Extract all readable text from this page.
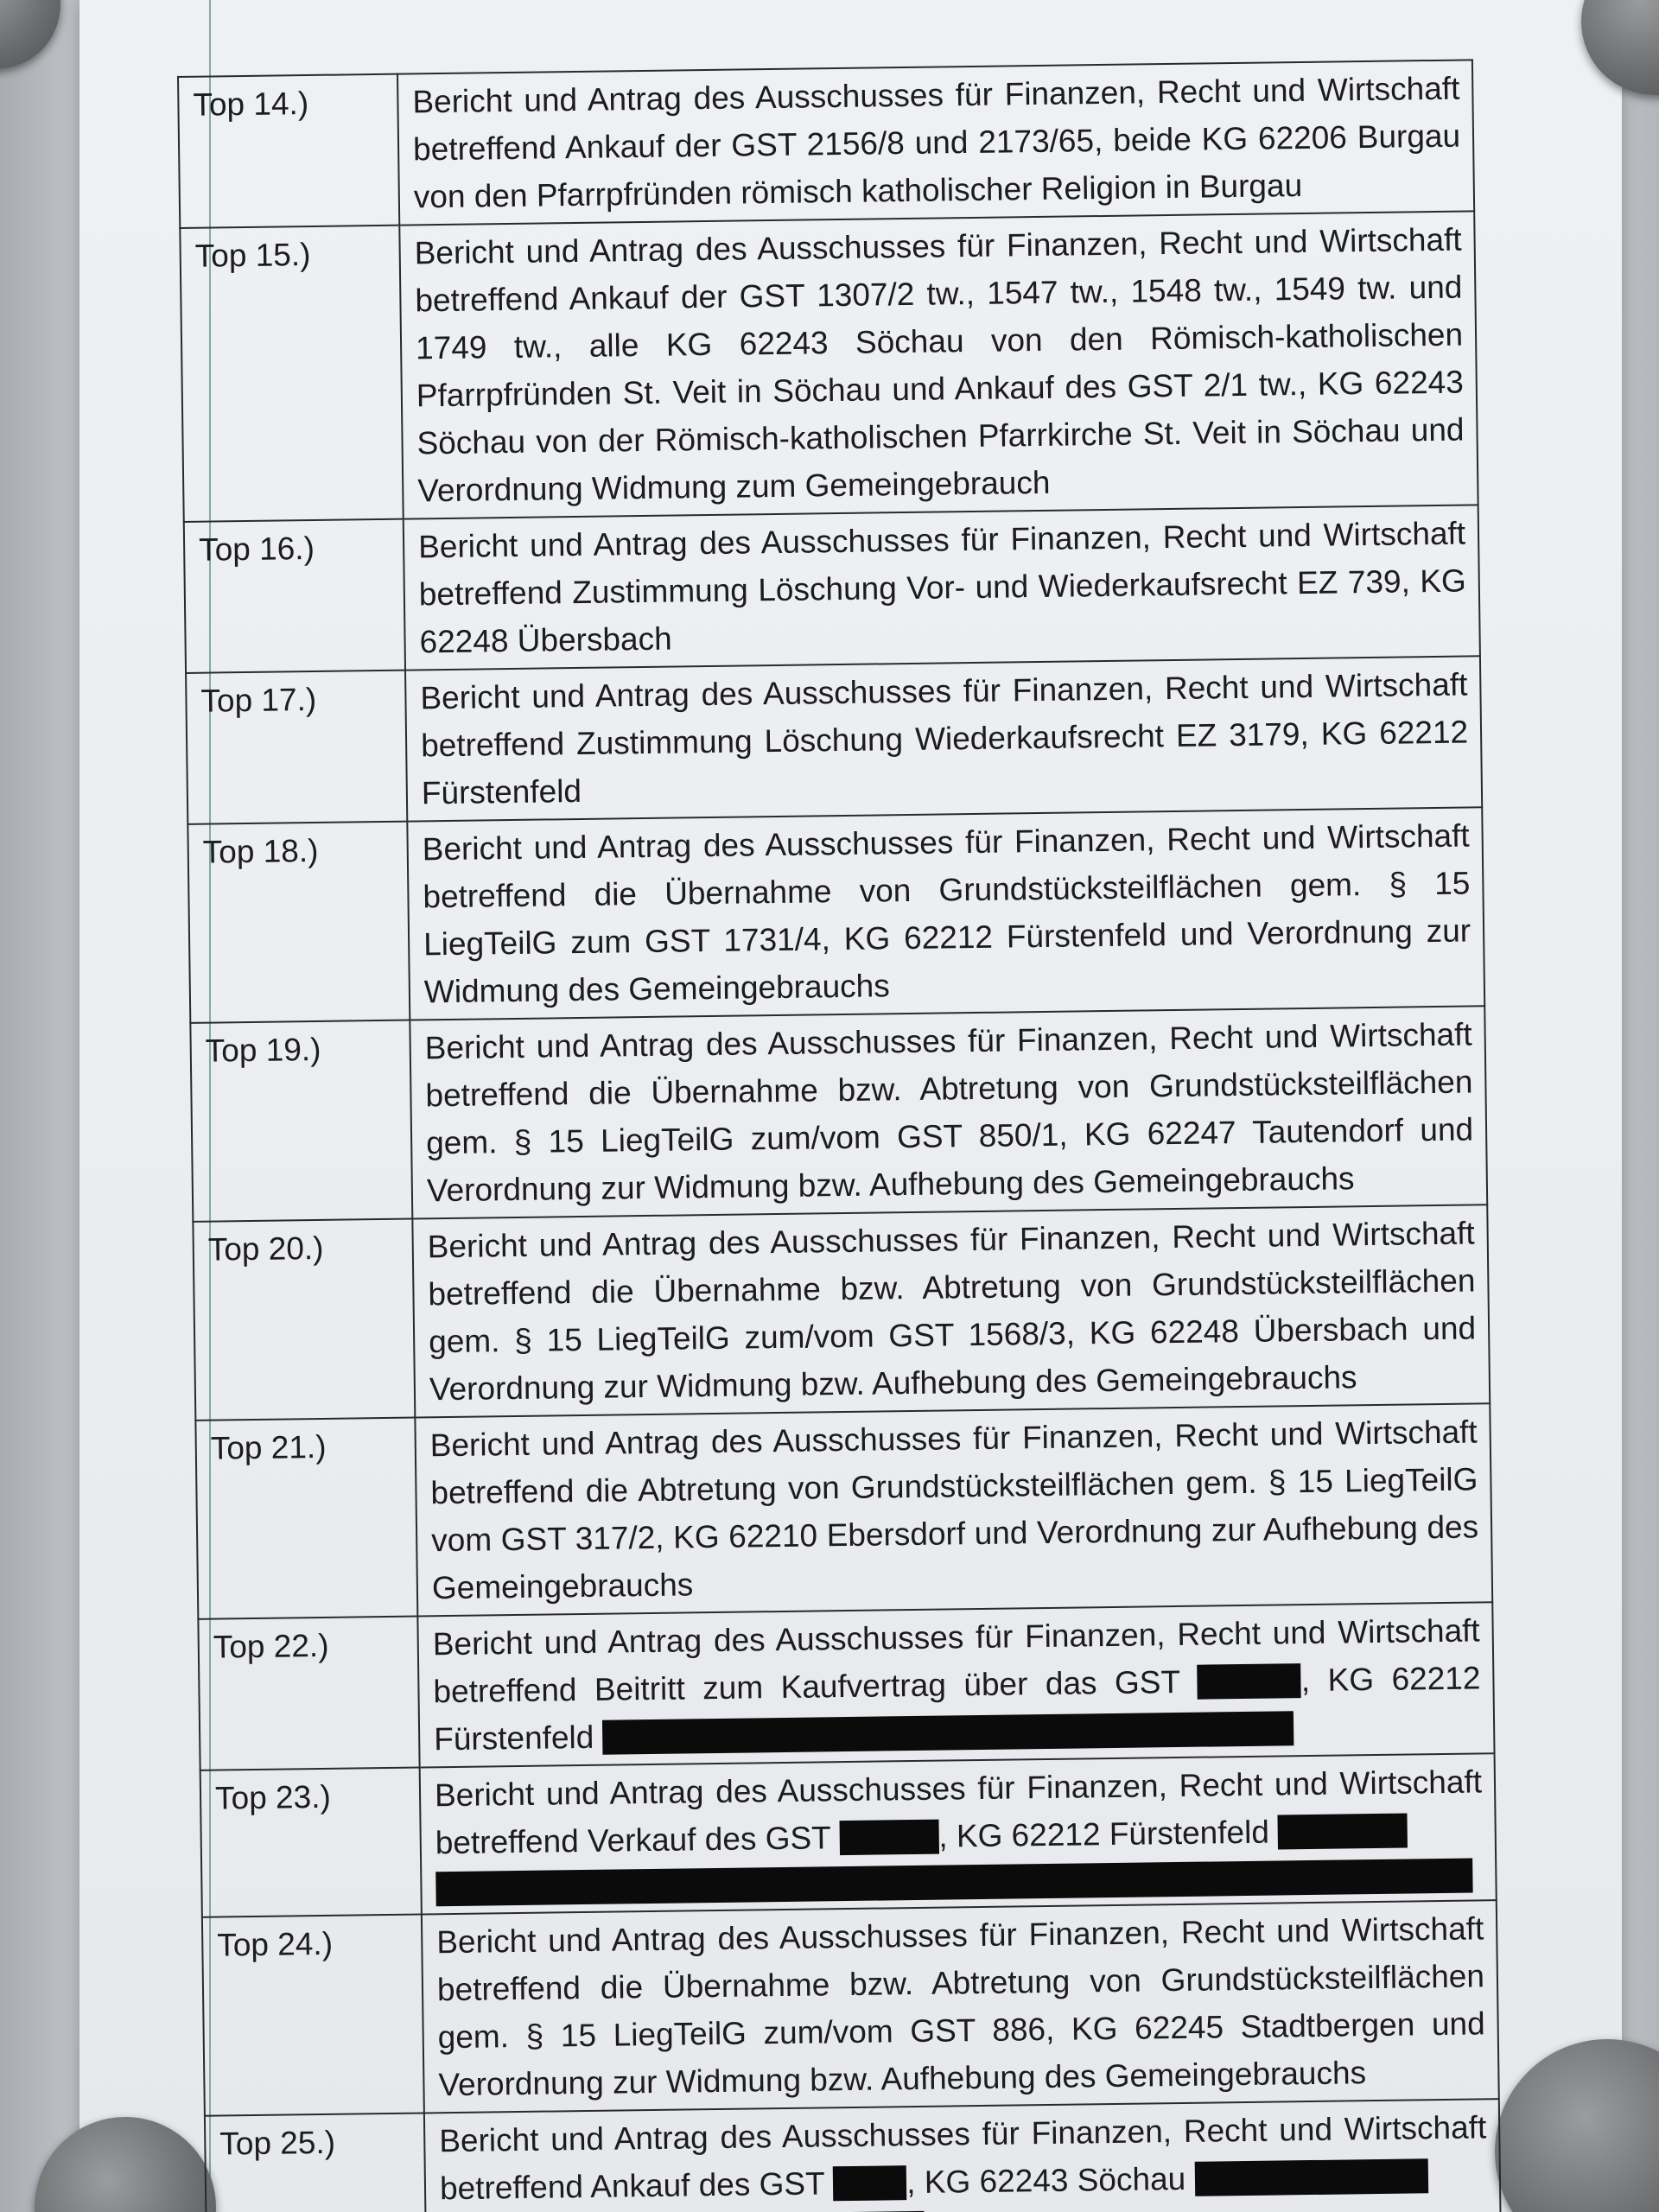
Top 14.)	Bericht und Antrag des Ausschusses für Finanzen, Recht und Wirtschaft betreffend Ankauf der GST 2156/8 und 2173/65, beide KG 62206 Burgau von den Pfarrpfründen römisch katholischer Religion in Burgau
Top 15.)	Bericht und Antrag des Ausschusses für Finanzen, Recht und Wirtschaft betreffend Ankauf der GST 1307/2 tw., 1547 tw., 1548 tw., 1549 tw. und 1749 tw., alle KG 62243 Söchau von den Römisch-katholischen Pfarrpfründen St. Veit in Söchau und Ankauf des GST 2/1 tw., KG 62243 Söchau von der Römisch-katholischen Pfarrkirche St. Veit in Söchau und Verordnung Widmung zum Gemeingebrauch
Top 16.)	Bericht und Antrag des Ausschusses für Finanzen, Recht und Wirtschaft betreffend Zustimmung Löschung Vor- und Wiederkaufsrecht EZ 739, KG 62248 Übersbach
Top 17.)	Bericht und Antrag des Ausschusses für Finanzen, Recht und Wirtschaft betreffend Zustimmung Löschung Wiederkaufsrecht EZ 3179, KG 62212 Fürstenfeld
Top 18.)	Bericht und Antrag des Ausschusses für Finanzen, Recht und Wirtschaft betreffend die Übernahme von Grundstücksteilflächen gem. § 15 LiegTeilG zum GST 1731/4, KG 62212 Fürstenfeld und Verordnung zur Widmung des Gemeingebrauchs
Top 19.)	Bericht und Antrag des Ausschusses für Finanzen, Recht und Wirtschaft betreffend die Übernahme bzw. Abtretung von Grundstücksteilflächen gem. § 15 LiegTeilG zum/vom GST 850/1, KG 62247 Tautendorf und Verordnung zur Widmung bzw. Aufhebung des Gemeingebrauchs
Top 20.)	Bericht und Antrag des Ausschusses für Finanzen, Recht und Wirtschaft betreffend die Übernahme bzw. Abtretung von Grundstücksteilflächen gem. § 15 LiegTeilG zum/vom GST 1568/3, KG 62248 Übersbach und Verordnung zur Widmung bzw. Aufhebung des Gemeingebrauchs
Top 21.)	Bericht und Antrag des Ausschusses für Finanzen, Recht und Wirtschaft betreffend die Abtretung von Grundstücksteilflächen gem. § 15 LiegTeilG vom GST 317/2, KG 62210 Ebersdorf und Verordnung zur Aufhebung des Gemeingebrauchs
Top 22.)	Bericht und Antrag des Ausschusses für Finanzen, Recht und Wirtschaft betreffend Beitritt zum Kaufvertrag über das GST , KG 62212 Fürstenfeld
Top 23.)	Bericht und Antrag des Ausschusses für Finanzen, Recht und Wirtschaft betreffend Verkauf des GST , KG 62212 Fürstenfeld

Top 24.)	Bericht und Antrag des Ausschusses für Finanzen, Recht und Wirtschaft betreffend die Übernahme bzw. Abtretung von Grundstücksteilflächen gem. § 15 LiegTeilG zum/vom GST 886, KG 62245 Stadtbergen und Verordnung zur Widmung bzw. Aufhebung des Gemeingebrauchs
Top 25.)	Bericht und Antrag des Ausschusses für Finanzen, Recht und Wirtschaft betreffend Ankauf des GST , KG 62243 Söchau
